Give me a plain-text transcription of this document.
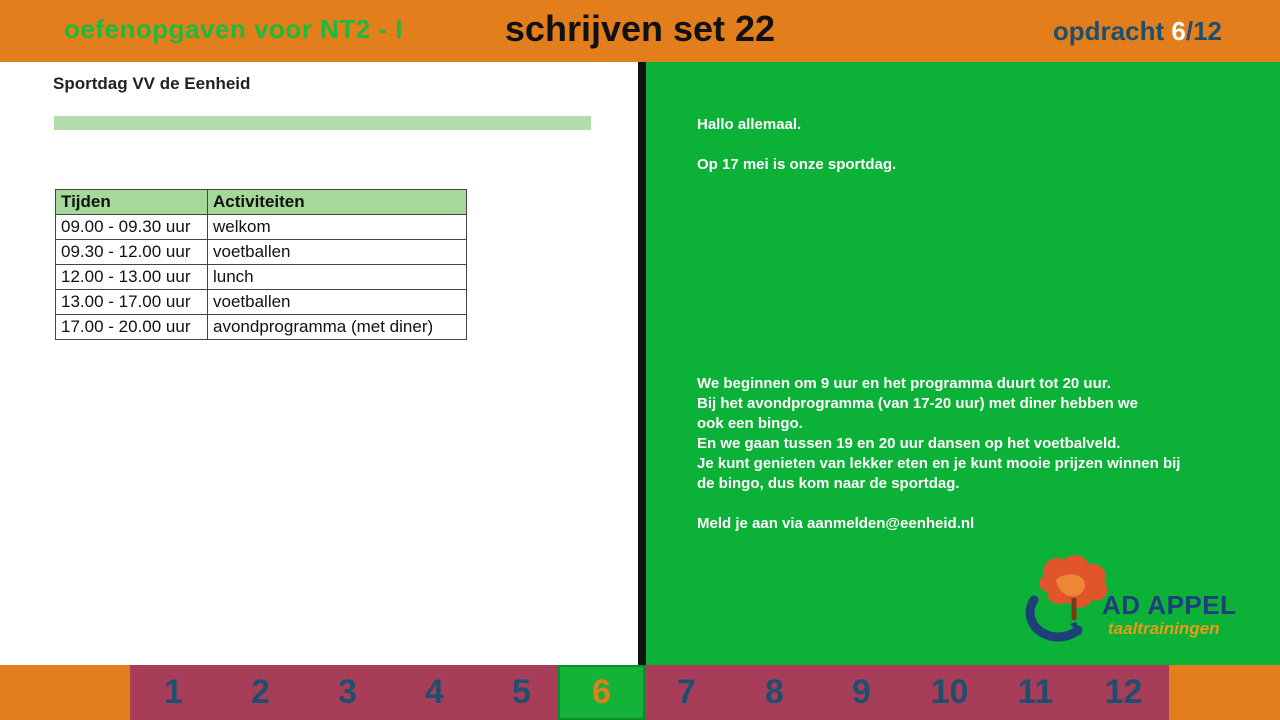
oefenopgaven voor NT2 - I	schrijven set 22	opdracht 6/12
Sportdag VV de Eenheid
Tijden	Activiteiten
09.00 - 09.30 uur	welkom
09.30 - 12.00 uur	voetballen
12.00 - 13.00 uur	lunch
13.00 - 17.00 uur	voetballen
17.00 - 20.00 uur	avondprogramma (met diner)
Hallo allemaal.
Op 17 mei is onze sportdag.
We beginnen om 9 uur en het programma duurt tot 20 uur.
Bij het avondprogramma (van 17-20 uur) met diner hebben we
ook een bingo.
En we gaan tussen 19 en 20 uur dansen op het voetbalveld.
Je kunt genieten van lekker eten en je kunt mooie prijzen winnen bij
de bingo, dus kom naar de sportdag.
Meld je aan via aanmelden@eenheid.nl
AD APPEL
taaltrainingen
1	2	3	4	5	6	7	8	9	10	11	12
